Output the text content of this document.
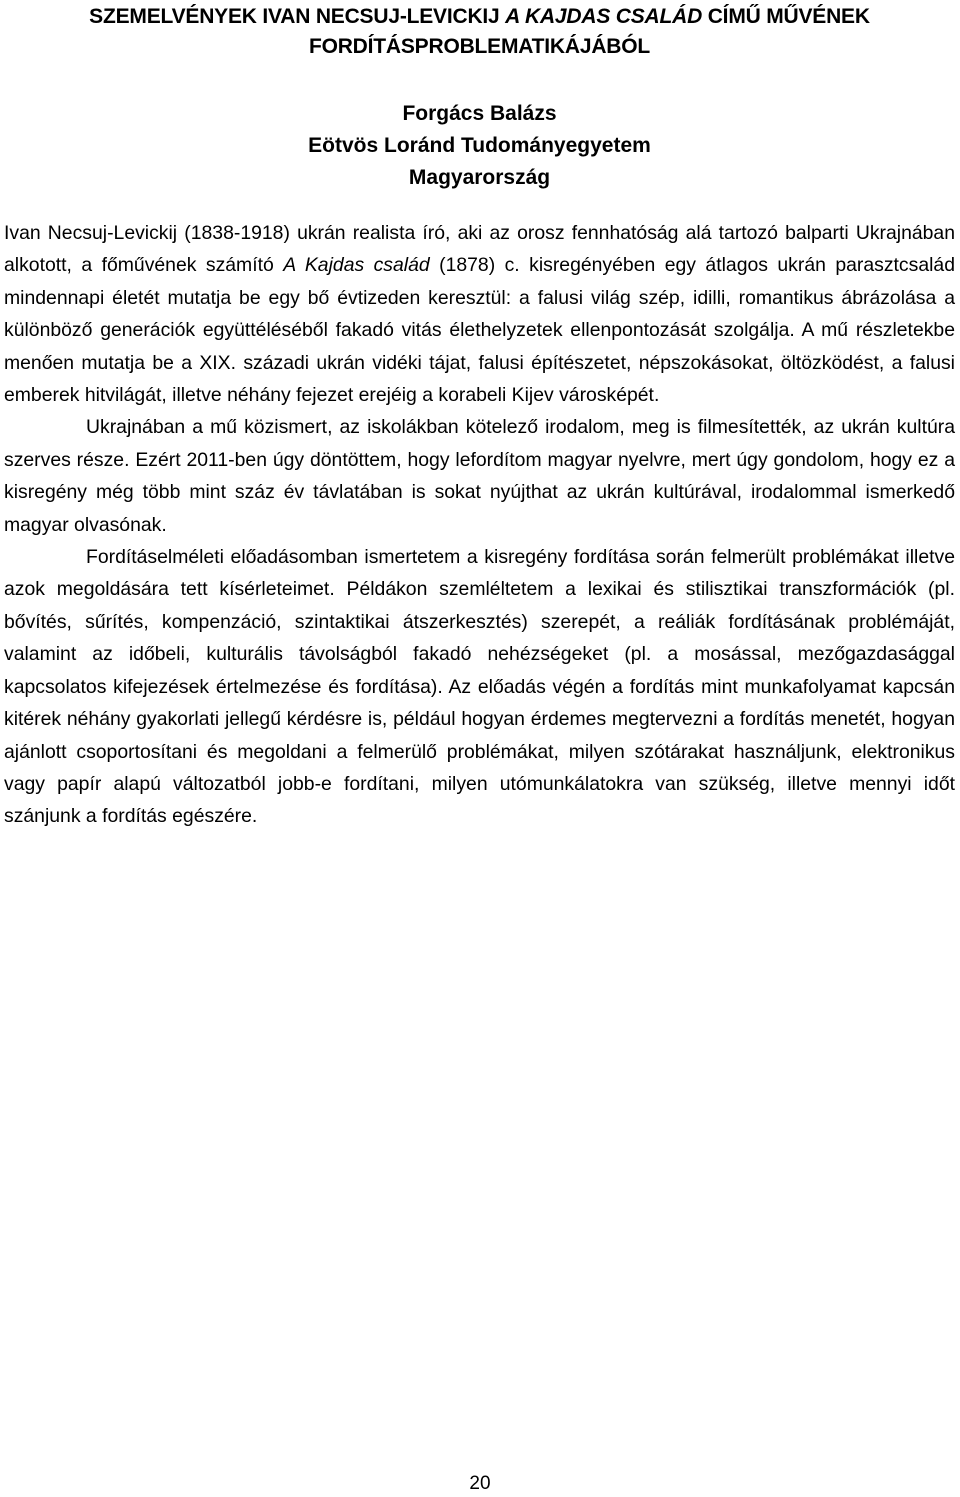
SZEMELVÉNYEK IVAN NECSUJ-LEVICKIJ A KAJDAS CSALÁD CÍMŰ MŰVÉNEK FORDÍTÁSPROBLEMATIKÁJÁBÓL
Forgács Balázs
Eötvös Loránd Tudományegyetem
Magyarország

Ivan Necsuj-Levickij (1838-1918) ukrán realista író, aki az orosz fennhatóság alá tartozó balparti Ukrajnában alkotott, a főművének számító A Kajdas család (1878) c. kisregényében egy átlagos ukrán parasztcsalád mindennapi életét mutatja be egy bő évtizeden keresztül: a falusi világ szép, idilli, romantikus ábrázolása a különböző generációk együttéléséből fakadó vitás élethelyzetek ellenpontozását szolgálja. A mű részletekbe menően mutatja be a XIX. századi ukrán vidéki tájat, falusi építészetet, népszokásokat, öltözködést, a falusi emberek hitvilágát, illetve néhány fejezet erejéig a korabeli Kijev városképét.

Ukrajnában a mű közismert, az iskolákban kötelező irodalom, meg is filmesítették, az ukrán kultúra szerves része. Ezért 2011-ben úgy döntöttem, hogy lefordítom magyar nyelvre, mert úgy gondolom, hogy ez a kisregény még több mint száz év távlatában is sokat nyújthat az ukrán kultúrával, irodalommal ismerkedő magyar olvasónak.

Fordításelméleti előadásomban ismertetem a kisregény fordítása során felmerült problémákat illetve azok megoldására tett kísérleteimet. Példákon szemléltetem a lexikai és stilisztikai transzformációk (pl. bővítés, sűrítés, kompenzáció, szintaktikai átszerkesztés) szerepét, a reáliák fordításának problémáját, valamint az időbeli, kulturális távolságból fakadó nehézségeket (pl. a mosással, mezőgazdasággal kapcsolatos kifejezések értelmezése és fordítása). Az előadás végén a fordítás mint munkafolyamat kapcsán kitérek néhány gyakorlati jellegű kérdésre is, például hogyan érdemes megtervezni a fordítás menetét, hogyan ajánlott csoportosítani és megoldani a felmerülő problémákat, milyen szótárakat használjunk, elektronikus vagy papír alapú változatból jobb-e fordítani, milyen utómunkálatokra van szükség, illetve mennyi időt szánjunk a fordítás egészére.

20
